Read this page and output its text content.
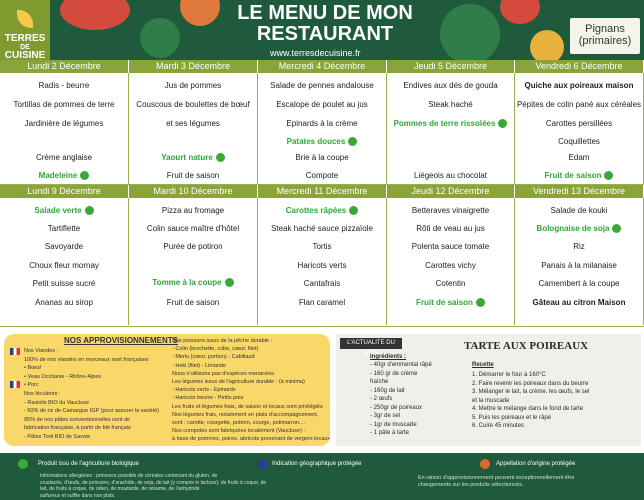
TERRES
DE
CUISINE
LE MENU DE MON
RESTAURANT
www.terresdecuisine.fr
Pignans
(primaires)
Lundi 2 Décembre
Radis - beurre
Tortillas de pommes de terre
Jardinière de légumes
Crème anglaise
Madeleine
Mardi 3 Décembre
Jus de pommes
Couscous de boulettes de bœuf
et ses légumes
Yaourt nature
Fruit de saison
Mercredi 4 Décembre
Salade de pennes andalouse
Escalope de poulet au jus
Epinards à la crème
Patates douces
Brie à la coupe
Compote
Jeudi 5 Décembre
Endives aux dés de gouda
Steak haché
Pommes de terre rissolées
Liégeois au chocolat
Vendredi 6 Décembre
Quiche aux poireaux maison
Pépites de colin pané aux céréales
Carottes persillées
Coquillettes
Edam
Fruit de saison
Lundi 9 Décembre
Salade verte
Tartiflette
Savoyarde
Choux fleur mornay
Petit suisse sucré
Ananas au sirop
Mardi 10 Décembre
Pizza au fromage
Colin sauce maître d'hôtel
Purée de potiron
Tomme à la coupe
Fruit de saison
Mercredi 11 Décembre
Carottes râpées
Steak haché sauce pizzaïole
Tortis
Haricots verts
Cantafrais
Flan caramel
Jeudi 12 Décembre
Betteraves vinaigrette
Rôti de veau au jus
Polenta sauce tomate
Carottes vichy
Cotentin
Fruit de saison
Vendredi 13 Décembre
Salade de kouki
Bolognaise de soja
Riz
Panais à la milanaise
Camembert à la coupe
Gâteau au citron Maison
NOS APPROVISIONNEMENTS
Nos Viandes :
100% de nos viandes en morceaux sont françaises
• Bœuf
• Veau Occitanie - Rhône-Alpes
• Porc
Nos féculents :
- Raviolis BIO du Vaucluse
- 50% de riz de Camargue IGP (pour assurer la variété)
95% de nos pâtes conventionnelles sont de
fabrication française, à partir de blé français
- Pâtes Torti BIO de Savoie
Nos poissons issus de la pêche durable :
- Colin (brochette, cube, cœur, filet)
- Merlu (cœur, portion) - Cabillaud
- Hoki (filet) - Limande
Nous n'utilisons pas d'espèces menacées.
Les légumes issus de l'agriculture durable : (à minima)
- Haricots verts - Epinards
- Haricots beurre - Petits pois
Les fruits et légumes frais, de saison et locaux sont privilégiés
Nos légumes frais, notamment en plats d'accompagnement,
sont : carotte, courgette, potiron, courge, potimarron....
Nos compotes sont fabriquées localement (Vaucluse) :
à base de pommes, poires, abricots provenant de vergers locaux
L'ACTUALITE DU MOIS
TARTE AUX POIREAUX
Ingrédients :
- 40gr d'emmental râpé
- 160 gr de crème
fraîche
- 160g de lait
- 2 œufs
- 250gr de poireaux
- 3gr de sel
- 1gr de muscade
- 1 pâte à tarte
Recette
1. Démarrer le four à 160°C
2. Faire revenir les poireaux dans du beurre
3. Mélanger le lait, la crème, les œufs, le sel
et la muscade
4. Mettre le mélange dans le fond de tarte
5. Puis les poireaux et le râpé
6. Cuire 45 minutes
Produit issu de l'agriculture biologique	Indication géographique protégée	Appellation d'origine protégée
Informations allergènes : présence possible de céréales contenant du gluten, de
crustacés, d'œufs, de poissons, d'arachide, de soja, de lait (y compris le lactose), de fruits à coque, de
lait, de fruits à coque, de céleri, de moutarde, de sésame, de l'anhydride
sulfureux et sulfite dans nos plats.
En raison d'approvisionnement peuvent exceptionnellement être
changements sur les produits sélectionnés.
